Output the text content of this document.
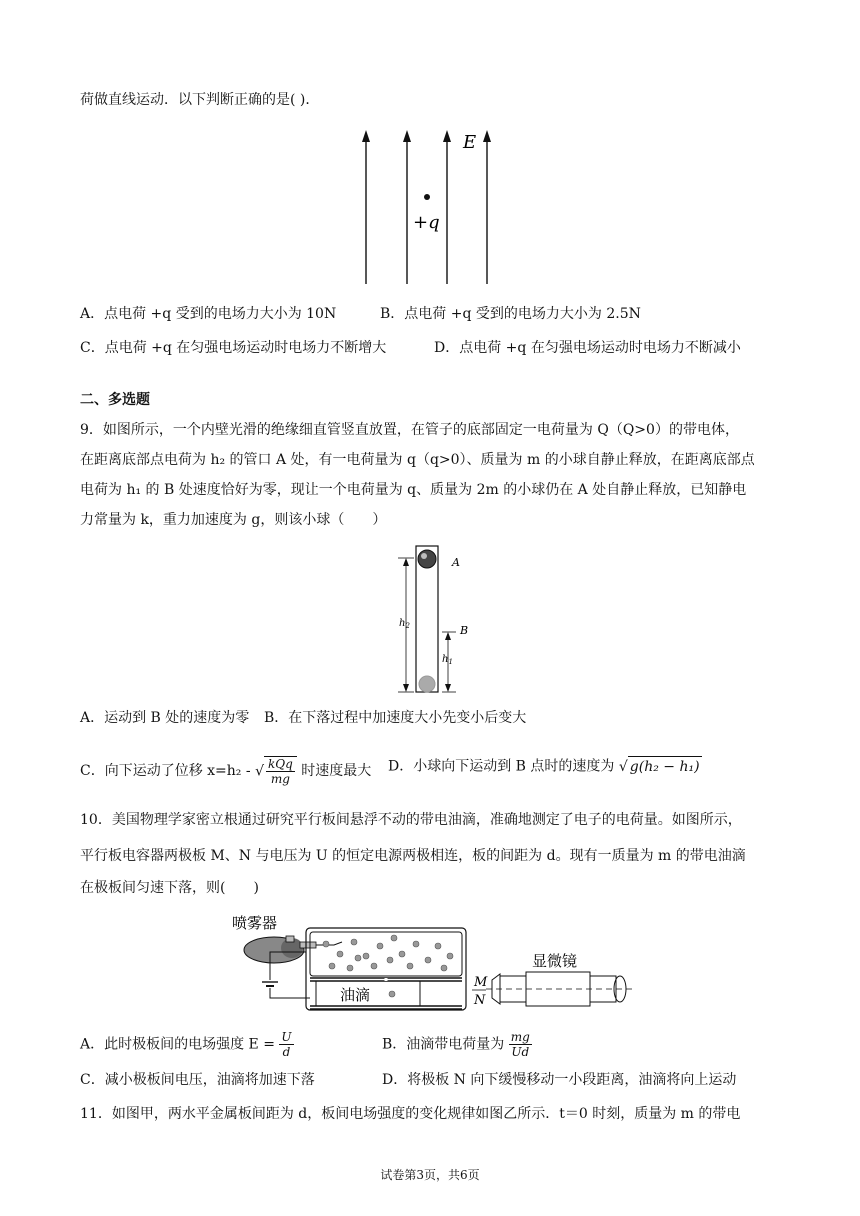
荷做直线运动．以下判断正确的是( )．
E
+q
A．点电荷 +q 受到的电场力大小为 10N	B．点电荷 +q 受到的电场力大小为 2.5N
C．点电荷 +q 在匀强电场运动时电场力不断增大	D．点电荷 +q 在匀强电场运动时电场力不断减小
二、多选题
9．如图所示，一个内壁光滑的绝缘细直管竖直放置，在管子的底部固定一电荷量为 Q（Q>0）的带电体，
在距离底部点电荷为 h₂ 的管口 A 处，有一电荷量为 q（q>0）、质量为 m 的小球自静止释放，在距离底部点
电荷为 h₁ 的 B 处速度恰好为零，现让一个电荷量为 q、质量为 2m 的小球仍在 A 处自静止释放，已知静电
力常量为 k，重力加速度为 g，则该小球（　　）
$h_2$
$h_1$
A
B
A．运动到 B 处的速度为零 B．在下落过程中加速度大小先变小后变大
C．向下运动了位移 x=h₂ - √ $\frac{\text{kQq}}{mg}$ 时速度最大 D．小球向下运动到 B 点时的速度为 √ g(h₂ − h₁)
10．美国物理学家密立根通过研究平行板间悬浮不动的带电油滴，准确地测定了电子的电荷量。如图所示，
平行板电容器两极板 M、N 与电压为 U 的恒定电源两极相连，板的间距为 d。现有一质量为 m 的带电油滴
在极板间匀速下落，则(　　)
喷雾器
油滴
M
N
显微镜
A．此时极板间的电场强度 $E = \frac{U}{d}$	B．油滴带电荷量为 $\frac{mg}{Ud}$
C．减小极板间电压，油滴将加速下落	D．将极板 N 向下缓慢移动一小段距离，油滴将向上运动
11．如图甲，两水平金属板间距为 d，板间电场强度的变化规律如图乙所示．t＝0 时刻，质量为 m 的带电
试卷第3页，共6页
